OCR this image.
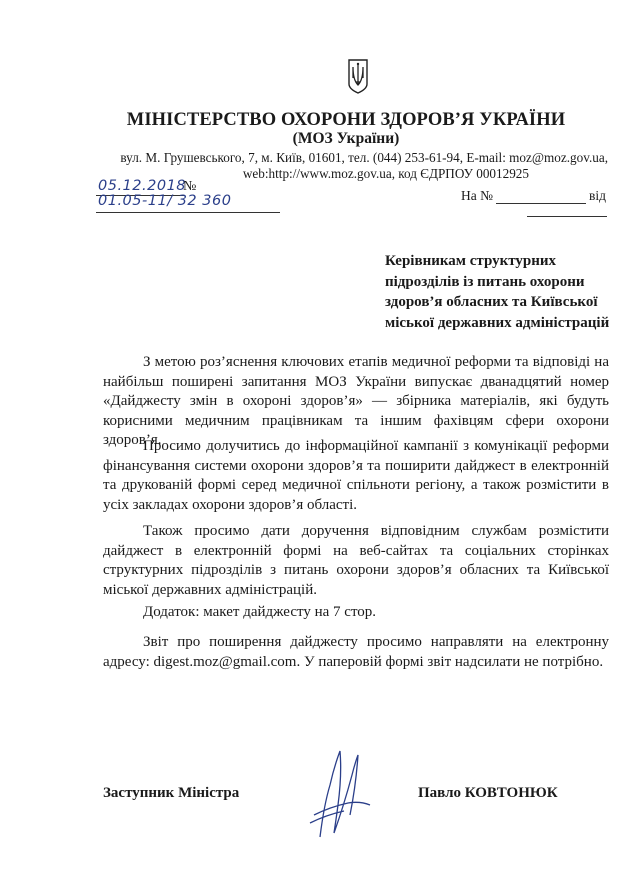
МІНІСТЕРСТВО ОХОРОНИ ЗДОРОВ’Я УКРАЇНИ
(МОЗ України)
вул. М. Грушевського, 7, м. Київ, 01601, тел. (044) 253-61-94, E-mail: moz@moz.gov.ua,
web:http://www.moz.gov.ua, код ЄДРПОУ 00012925
05.12.2018
№
01.05-11/ 32 360	На №	від
Керівникам структурних
підрозділів із питань охорони
здоров’я обласних та Київської
міської державних адміністрацій
З метою роз’яснення ключових етапів медичної реформи та відповіді на найбільш поширені запитання МОЗ України випускає дванадцятий номер «Дайджесту змін в охороні здоров’я» — збірника матеріалів, які будуть корисними медичним працівникам та іншим фахівцям сфери охорони здоров’я.
Просимо долучитись до інформаційної кампанії з комунікації реформи фінансування системи охорони здоров’я та поширити дайджест в електронній та друкованій формі серед медичної спільноти регіону, а також розмістити в усіх закладах охорони здоров’я області.
Також просимо дати доручення відповідним службам розмістити дайджест в електронній формі на веб-сайтах та соціальних сторінках структурних підрозділів з питань охорони здоров’я обласних та Київської міської державних адміністрацій.
Додаток: макет дайджесту на 7 стор.
Звіт про поширення дайджесту просимо направляти на електронну адресу: digest.moz@gmail.com. У паперовій формі звіт надсилати не потрібно.
Заступник Міністра	Павло КОВТОНЮК
